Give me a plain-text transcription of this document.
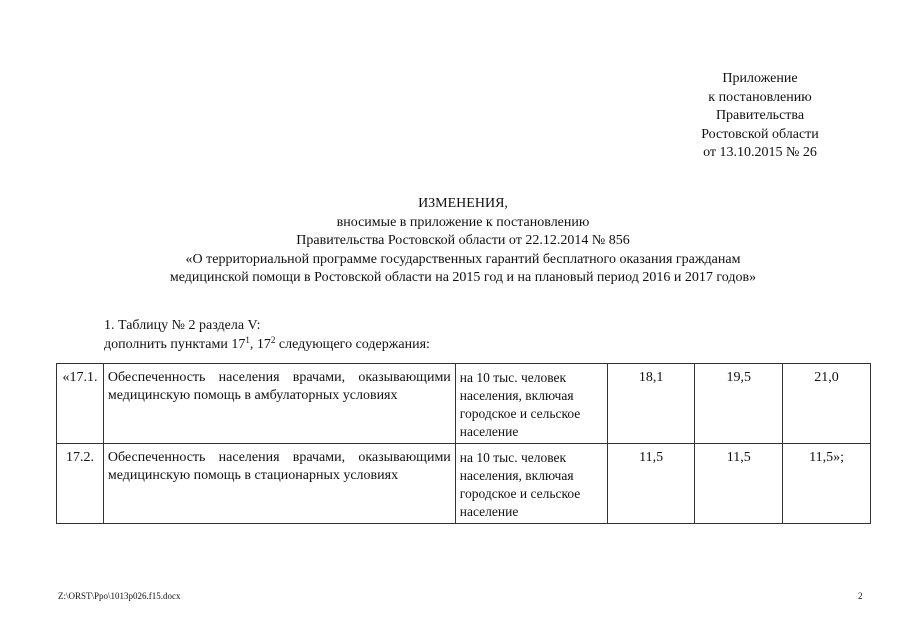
Приложение
к постановлению
Правительства
Ростовской области
от 13.10.2015 № 26
ИЗМЕНЕНИЯ,
вносимые в приложение к постановлению
Правительства Ростовской области от 22.12.2014 № 856
«О территориальной программе государственных гарантий бесплатного оказания гражданам
медицинской помощи в Ростовской области на 2015 год и на плановый период 2016 и 2017 годов»
1. Таблицу № 2 раздела V:
дополнить пунктами $17^1$, $17^2$ следующего содержания:
«17.1.	Обеспеченность населения врачами, оказывающими медицинскую помощь в амбулаторных условиях	на 10 тыс. человек населения, включая городское и сельское население	18,1	19,5	21,0
17.2.	Обеспеченность населения врачами, оказывающими медицинскую помощь в стационарных условиях	на 10 тыс. человек населения, включая городское и сельское население	11,5	11,5	11,5»;
Z:\ORST\Ppo\1013p026.f15.docx	2
